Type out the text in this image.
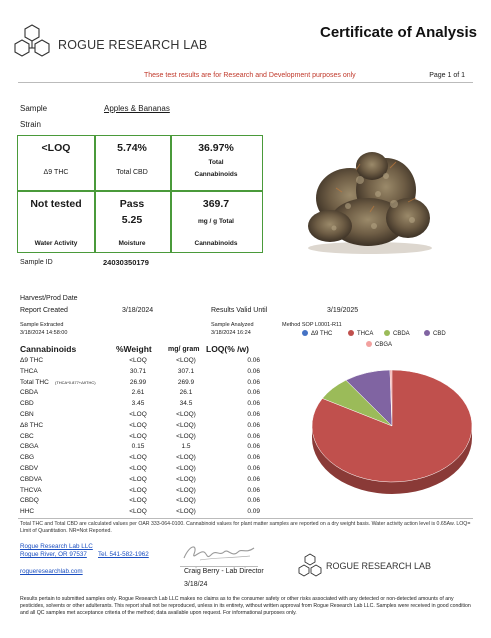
ROGUE RESEARCH LAB
Certificate of Analysis
These test results are for Research and Development purposes only	Page 1 of 1
Sample	Apples & Bananas
Strain
<LOQ
Δ9 THC
5.74%
Total CBD
36.97%
Total
Cannabinoids
Not tested
Water Activity
Pass
5.25
Moisture
369.7
mg / g Total
Cannabinoids
Sample ID	24030350179
Harvest/Prod Date
Report Created	3/18/2024	Results Valid Until	3/19/2025
Sample Extracted
3/18/2024 14:58:00
Sample Analyzed
3/18/2024 16:24
Method SOP L0001-R11
Cannabinoids	%Weight mg/ gram LOQ(% /w)
Δ9 THC	<LOQ	<LOQ)	0.06
THCA	30.71	307.1	0.06
Total THC (THCA*0.877+Δ9THC)	26.99	269.9	0.06
CBDA	2.61	26.1	0.06
CBD	3.45	34.5	0.06
CBN	<LOQ	<LOQ)	0.06
Δ8 THC	<LOQ	<LOQ)	0.06
CBC	<LOQ	<LOQ)	0.06
CBGA	0.15	1.5	0.06
CBG	<LOQ	<LOQ)	0.06
CBDV	<LOQ	<LOQ)	0.06
CBDVA	<LOQ	<LOQ)	0.06
THCVA	<LOQ	<LOQ)	0.06
CBDQ	<LOQ	<LOQ)	0.06
HHC	<LOQ	<LOQ)	0.09
Δ9 THC	THCA	CBDA	CBD
CBGA
Total THC and Total CBD are calculated values per OAR 333-064-0100. Cannabinoid values for plant matter samples are reported on a dry weight basis. Water activity action level is 0.65Aw. LOQ= Limit of Quantitation. NR=Not Reported.
Rogue Research Lab LLC
Rogue River, OR 97537 Tel. 541-582-1962
rogueresearchlab.com	Craig Berry - Lab Director
3/18/24
ROGUE RESEARCH LAB
Results pertain to submitted samples only. Rogue Research Lab LLC makes no claims as to the consumer safety or other risks associated with any detected or non-detected amounts of any pesticides, solvents or other adulterants. This report shall not be reproduced, unless in its entirety, without written approval from Rogue Research Lab LLC. Samples were received in good condition and all QC samples met acceptance criteria of the method; data available upon request. For informational purposes only.
